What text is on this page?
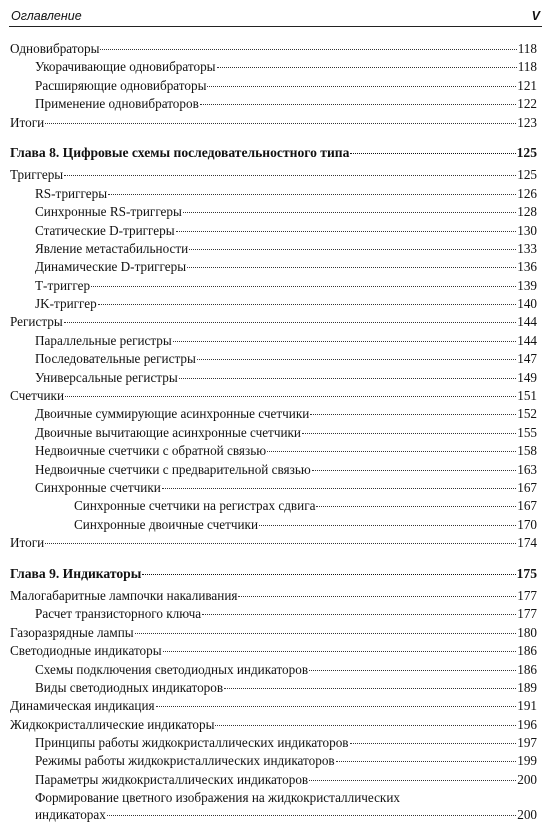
Оглавление	V
Одновибраторы	118
Укорачивающие одновибраторы	118
Расширяющие одновибраторы	121
Применение одновибраторов	122
Итоги	123
Глава 8. Цифровые схемы последовательностного типа	125
Триггеры	125
RS-триггеры	126
Синхронные RS-триггеры	128
Статические D-триггеры	130
Явление метастабильности	133
Динамические D-триггеры	136
Т-триггер	139
JK-триггер	140
Регистры	144
Параллельные регистры	144
Последовательные регистры	147
Универсальные регистры	149
Счетчики	151
Двоичные суммирующие асинхронные счетчики	152
Двоичные вычитающие асинхронные счетчики	155
Недвоичные счетчики с обратной связью	158
Недвоичные счетчики с предварительной связью	163
Синхронные счетчики	167
Синхронные счетчики на регистрах сдвига	167
Синхронные двоичные счетчики	170
Итоги	174
Глава 9. Индикаторы	175
Малогабаритные лампочки накаливания	177
Расчет транзисторного ключа	177
Газоразрядные лампы	180
Светодиодные индикаторы	186
Схемы подключения светодиодных индикаторов	186
Виды светодиодных индикаторов	189
Динамическая индикация	191
Жидкокристаллические индикаторы	196
Принципы работы жидкокристаллических индикаторов	197
Режимы работы жидкокристаллических индикаторов	199
Параметры жидкокристаллических индикаторов	200
Формирование цветного изображения на жидкокристаллических
индикаторах	200
